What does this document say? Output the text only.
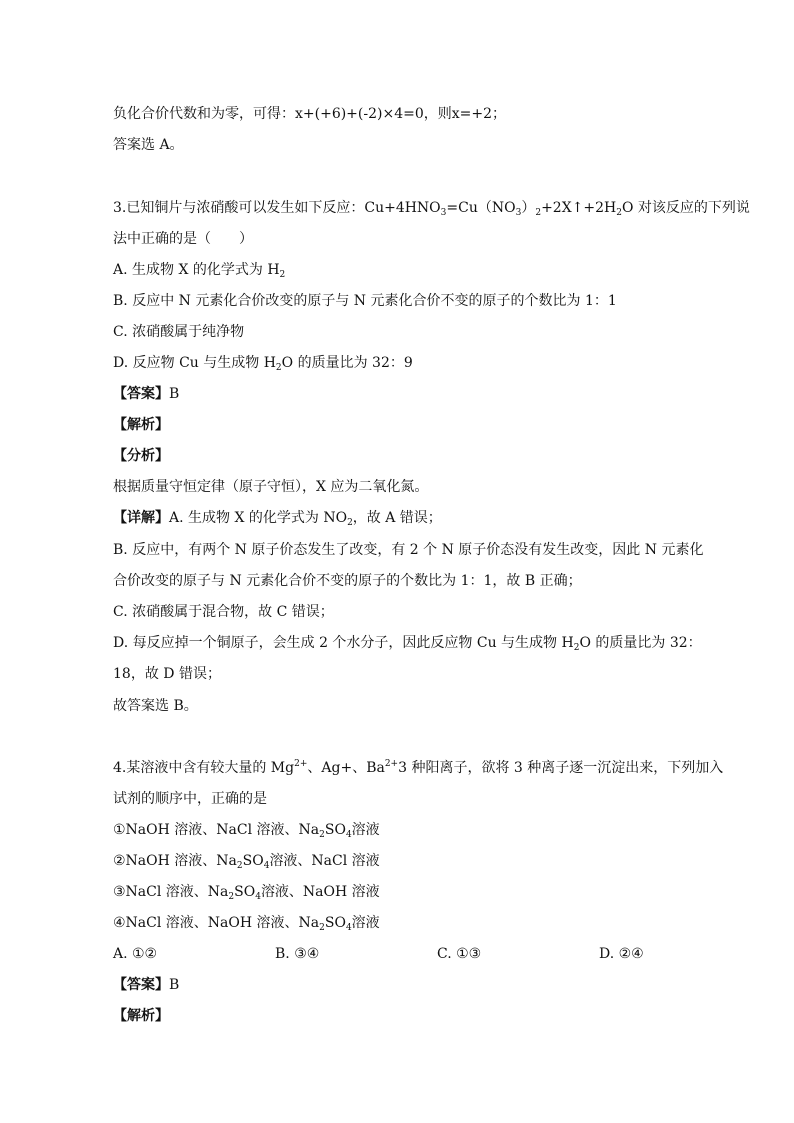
负化合价代数和为零，可得：x+(+6)+(-2)×4=0，则x=+2；
答案选 A。
3.已知铜片与浓硝酸可以发生如下反应：$Cu+4HNO_3=Cu(NO_3)_2+2X↑+2H_2O$ 对该反应的下列说
法中正确的是（　　）
A. 生成物 X 的化学式为 $H_2$
B. 反应中 N 元素化合价改变的原子与 N 元素化合价不变的原子的个数比为 1：1
C. 浓硝酸属于纯净物
D. 反应物 Cu 与生成物 $H_2O$ 的质量比为 32：9
【答案】B
【解析】
【分析】
根据质量守恒定律（原子守恒），X 应为二氧化氮。
【详解】A. 生成物 X 的化学式为 $NO_2$，故 A 错误；
B. 反应中，有两个 N 原子价态发生了改变，有 2 个 N 原子价态没有发生改变，因此 N 元素化
合价改变的原子与 N 元素化合价不变的原子的个数比为 1：1，故 B 正确；
C. 浓硝酸属于混合物，故 C 错误；
D. 每反应掉一个铜原子，会生成 2 个水分子，因此反应物 Cu 与生成物 $H_2O$ 的质量比为 32：
18，故 D 错误；
故答案选 B。
4.某溶液中含有较大量的 $Mg^{2+}$、Ag+、$Ba^{2+}3$ 种阳离子，欲将 3 种离子逐一沉淀出来，下列加入
试剂的顺序中，正确的是
①NaOH 溶液、NaCl 溶液、$Na_2SO_4$溶液
②NaOH 溶液、$Na_2SO_4$溶液、NaCl 溶液
③NaCl 溶液、$Na_2SO_4$溶液、NaOH 溶液
④NaCl 溶液、NaOH 溶液、$Na_2SO_4$溶液
A. ①②	B. ③④	C. ①③	D. ②④
【答案】B
【解析】
